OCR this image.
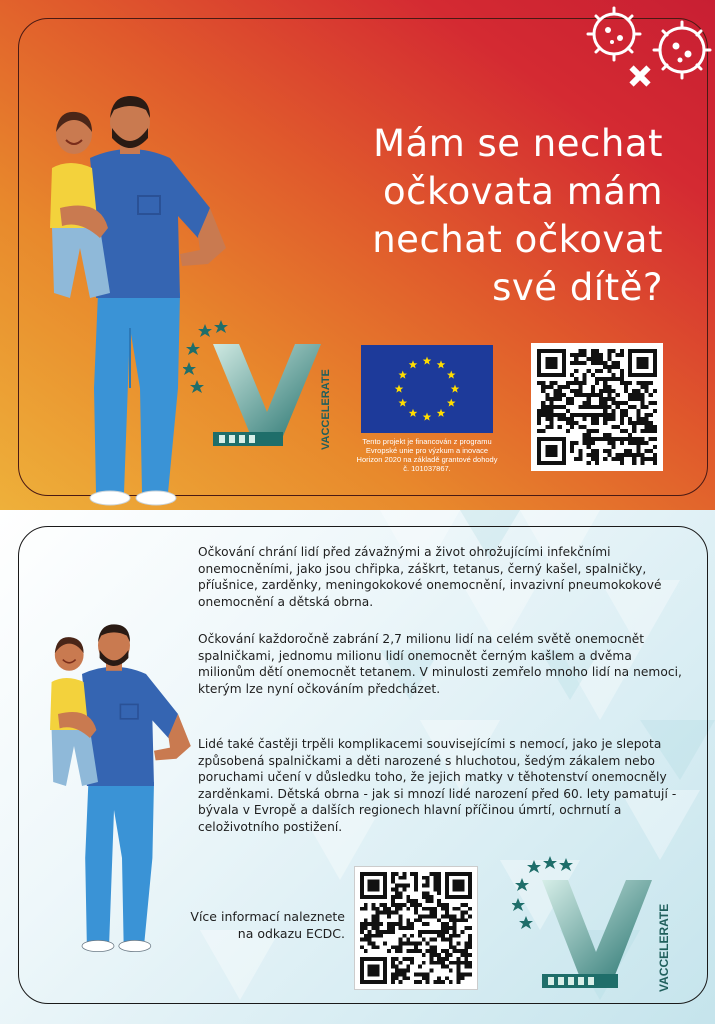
Mám se nechat
očkovata mám
nechat očkovat
své dítě?
VACCELERATE	Tento projekt je financován z programu Evropské unie pro výzkum a inovace Horizon 2020 na základě grantové dohody č. 101037867.

Očkování chrání lidí před závažnými a život ohrožujícími infekčními onemocněními, jako jsou chřipka, záškrt, tetanus, černý kašel, spalničky, příušnice, zarděnky, meningokokové onemocnění, invazivní pneumokokové onemocnění a dětská obrna.

Očkování každoročně zabrání 2,7 milionu lidí na celém světě onemocnět spalničkami, jednomu milionu lidí onemocnět černým kašlem a dvěma milionům dětí onemocnět tetanem. V minulosti zemřelo mnoho lidí na nemoci, kterým lze nyní očkováním předcházet.

Lidé také častěji trpěli komplikacemi souvisejícími s nemocí, jako je slepota způsobená spalničkami a děti narozené s hluchotou, šedým zákalem nebo poruchami učení v důsledku toho, že jejich matky v těhotenství onemocněly zarděnkami. Dětská obrna - jak si mnozí lidé narození před 60. lety pamatují - bývala v Evropě a dalších regionech hlavní příčinou úmrtí, ochrnutí a celoživotního postižení.

Více informací naleznete
na odkazu ECDC.	VACCELERATE
